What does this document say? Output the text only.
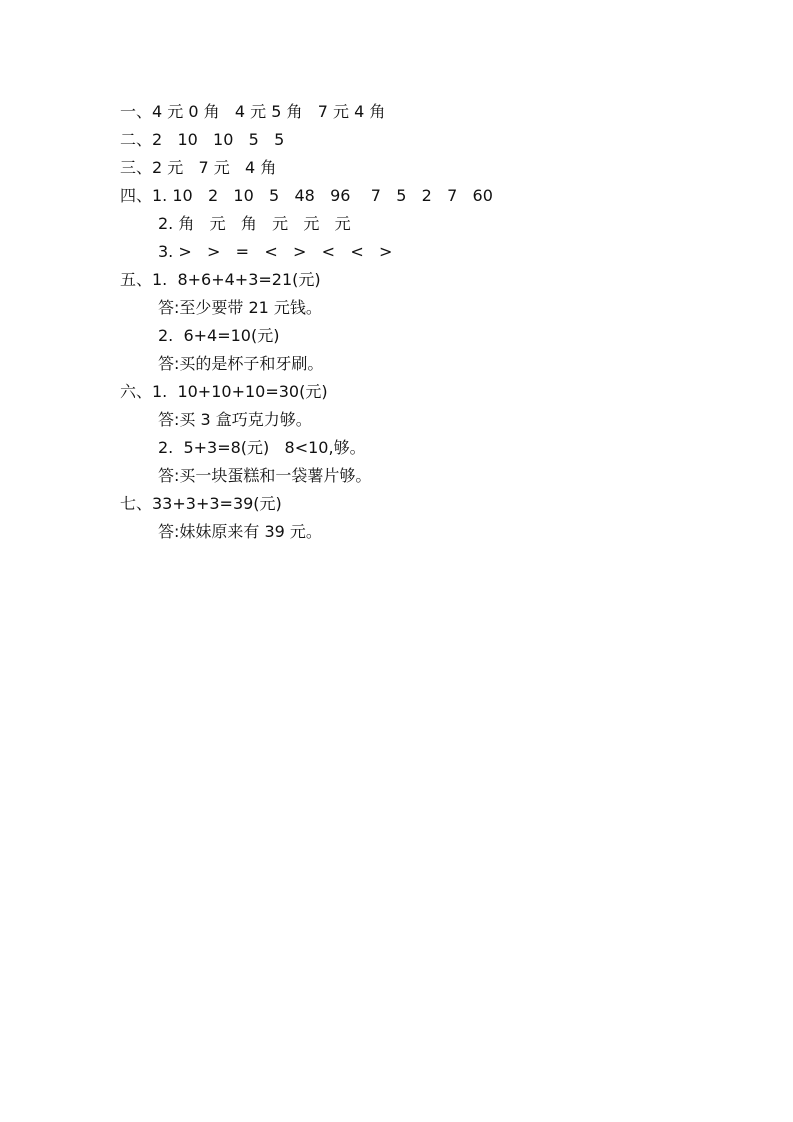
一、4 元 0 角   4 元 5 角   7 元 4 角
二、2   10   10   5   5
三、2 元   7 元   4 角
四、1. 10   2   10   5   48   96    7   5   2   7   60
2. 角   元   角   元   元   元
3. >   >   =   <   >   <   <   >
五、1.  8+6+4+3=21(元)
答:至少要带 21 元钱。
2.  6+4=10(元)
答:买的是杯子和牙刷。
六、1.  10+10+10=30(元)
答:买 3 盒巧克力够。
2.  5+3=8(元)   8<10,够。
答:买一块蛋糕和一袋薯片够。
七、33+3+3=39(元)
答:妹妹原来有 39 元。
